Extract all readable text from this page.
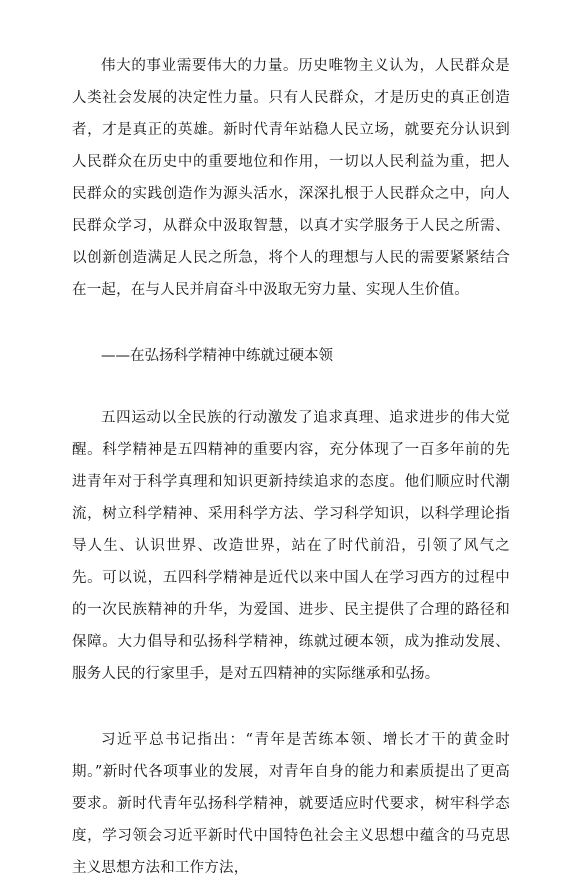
伟大的事业需要伟大的力量。历史唯物主义认为，人民群众是人类社会发展的决定性力量。只有人民群众，才是历史的真正创造者，才是真正的英雄。新时代青年站稳人民立场，就要充分认识到人民群众在历史中的重要地位和作用，一切以人民利益为重，把人民群众的实践创造作为源头活水，深深扎根于人民群众之中，向人民群众学习，从群众中汲取智慧，以真才实学服务于人民之所需、以创新创造满足人民之所急，将个人的理想与人民的需要紧紧结合在一起，在与人民并肩奋斗中汲取无穷力量、实现人生价值。

——在弘扬科学精神中练就过硬本领

五四运动以全民族的行动激发了追求真理、追求进步的伟大觉醒。科学精神是五四精神的重要内容，充分体现了一百多年前的先进青年对于科学真理和知识更新持续追求的态度。他们顺应时代潮流，树立科学精神、采用科学方法、学习科学知识，以科学理论指导人生、认识世界、改造世界，站在了时代前沿，引领了风气之先。可以说，五四科学精神是近代以来中国人在学习西方的过程中的一次民族精神的升华，为爱国、进步、民主提供了合理的路径和保障。大力倡导和弘扬科学精神，练就过硬本领，成为推动发展、服务人民的行家里手，是对五四精神的实际继承和弘扬。

习近平总书记指出：“青年是苦练本领、增长才干的黄金时期。”新时代各项事业的发展，对青年自身的能力和素质提出了更高要求。新时代青年弘扬科学精神，就要适应时代要求，树牢科学态度，学习领会习近平新时代中国特色社会主义思想中蕴含的马克思主义思想方法和工作方法，
